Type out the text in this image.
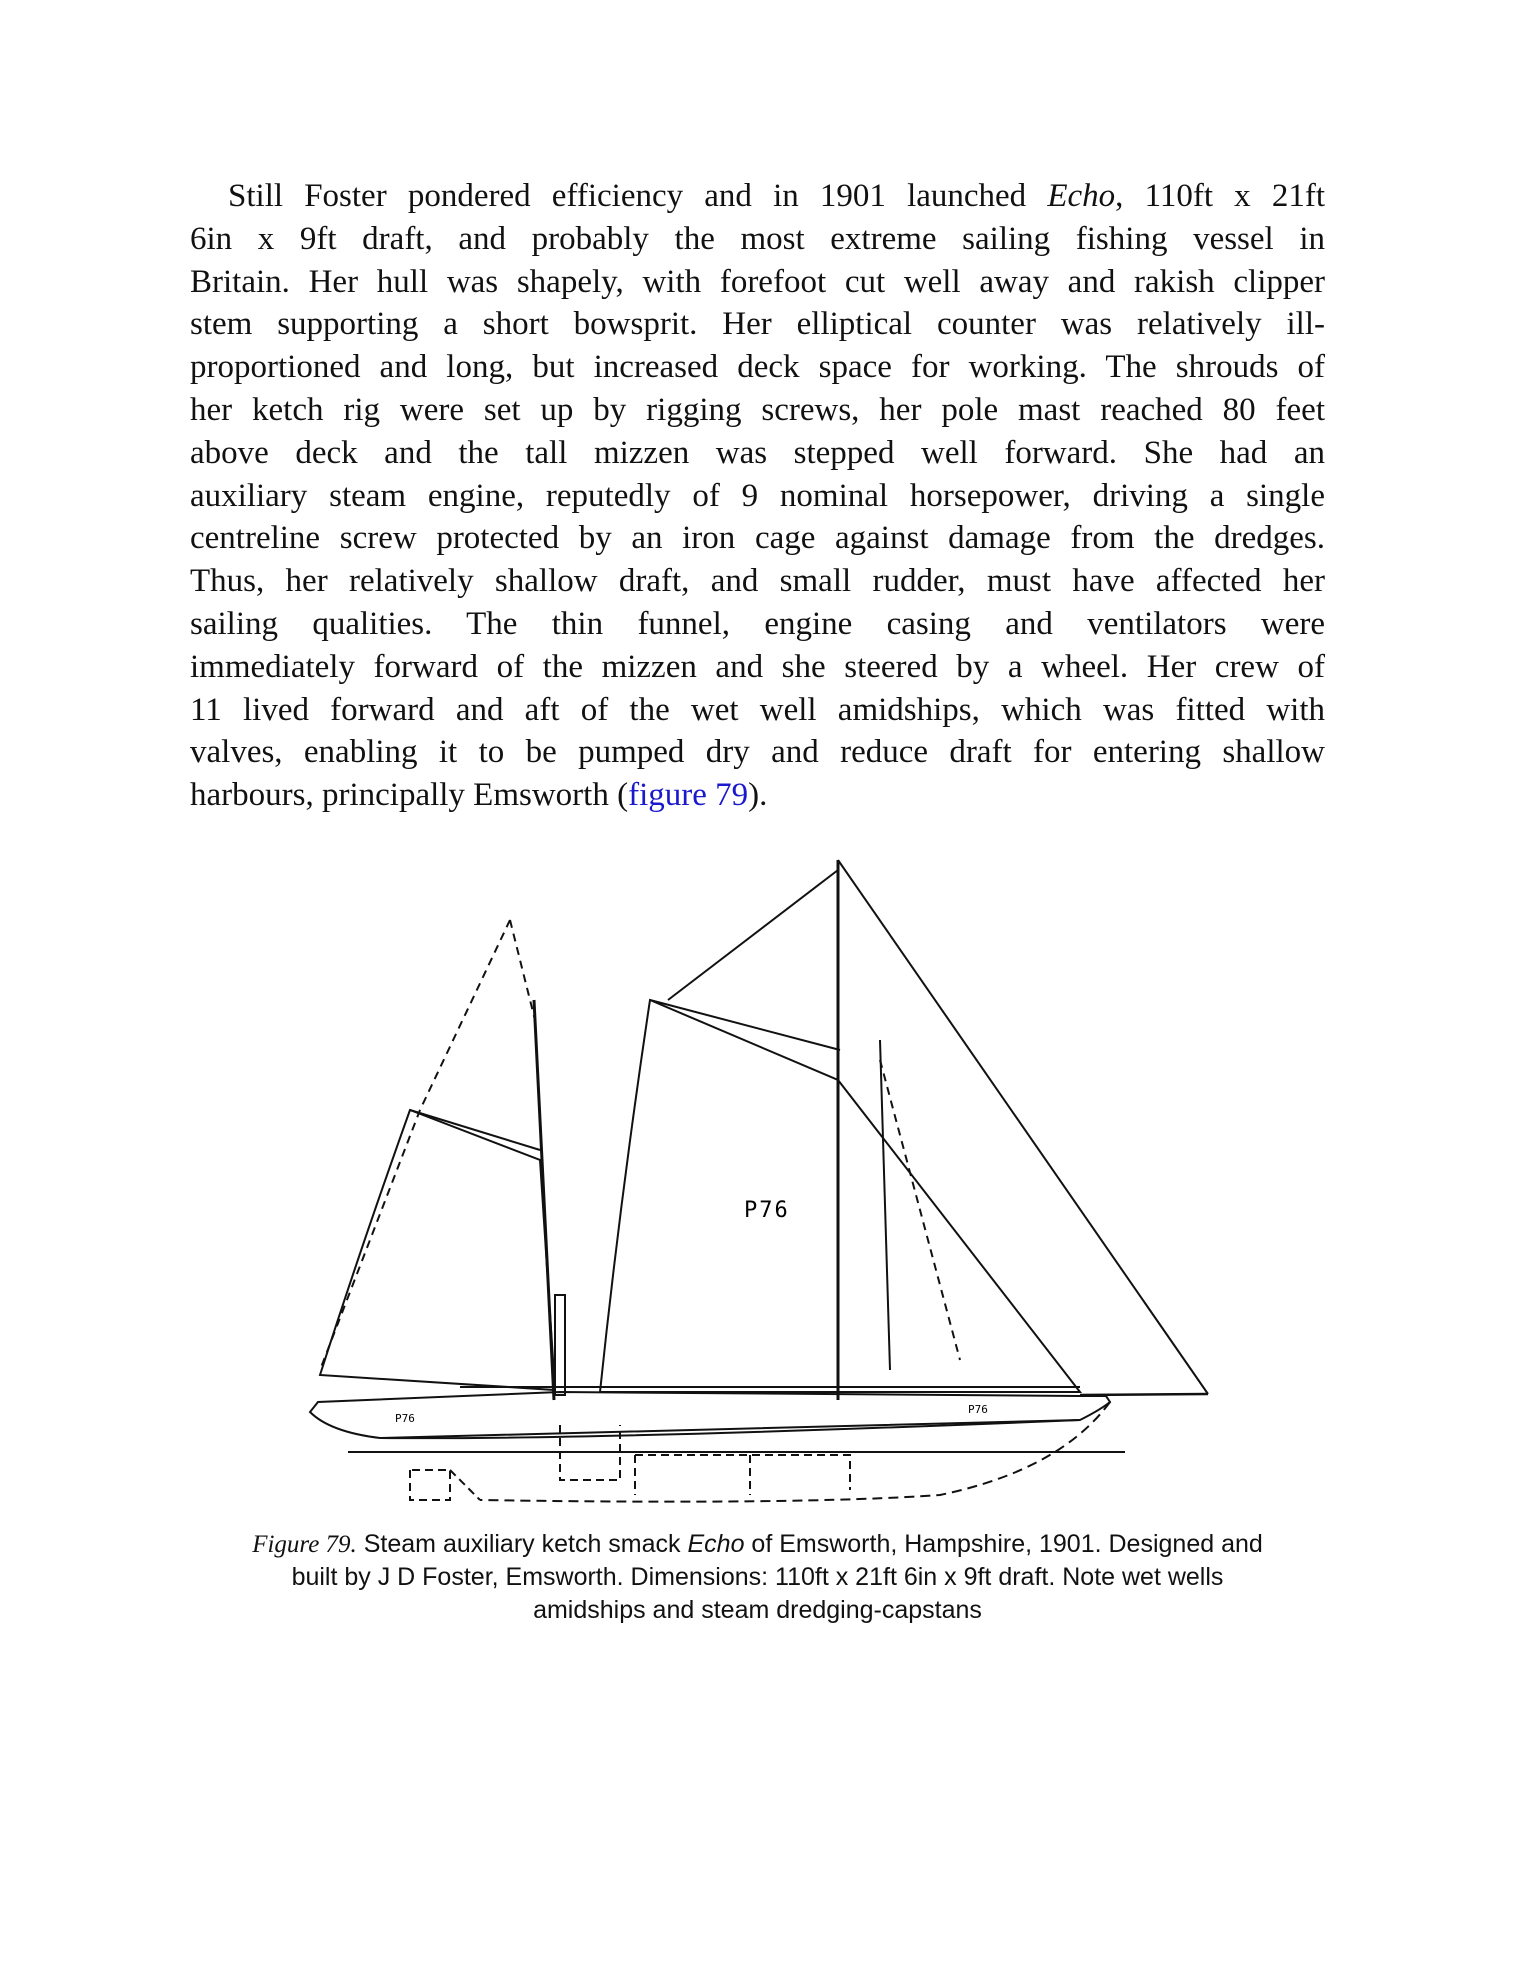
Still Foster pondered efficiency and in 1901 launched Echo, 110ft x 21ft
6in x 9ft draft, and probably the most extreme sailing fishing vessel in
Britain. Her hull was shapely, with forefoot cut well away and rakish clipper
stem supporting a short bowsprit. Her elliptical counter was relatively ill-
proportioned and long, but increased deck space for working. The shrouds of
her ketch rig were set up by rigging screws, her pole mast reached 80 feet
above deck and the tall mizzen was stepped well forward. She had an
auxiliary steam engine, reputedly of 9 nominal horsepower, driving a single
centreline screw protected by an iron cage against damage from the dredges.
Thus, her relatively shallow draft, and small rudder, must have affected her
sailing qualities. The thin funnel, engine casing and ventilators were
immediately forward of the mizzen and she steered by a wheel. Her crew of
11 lived forward and aft of the wet well amidships, which was fitted with
valves, enabling it to be pumped dry and reduce draft for entering shallow
harbours, principally Emsworth (figure 79).
P76
P76
P76
Figure 79. Steam auxiliary ketch smack Echo of Emsworth, Hampshire, 1901. Designed and
built by J D Foster, Emsworth. Dimensions: 110ft x 21ft 6in x 9ft draft. Note wet wells
amidships and steam dredging-capstans
